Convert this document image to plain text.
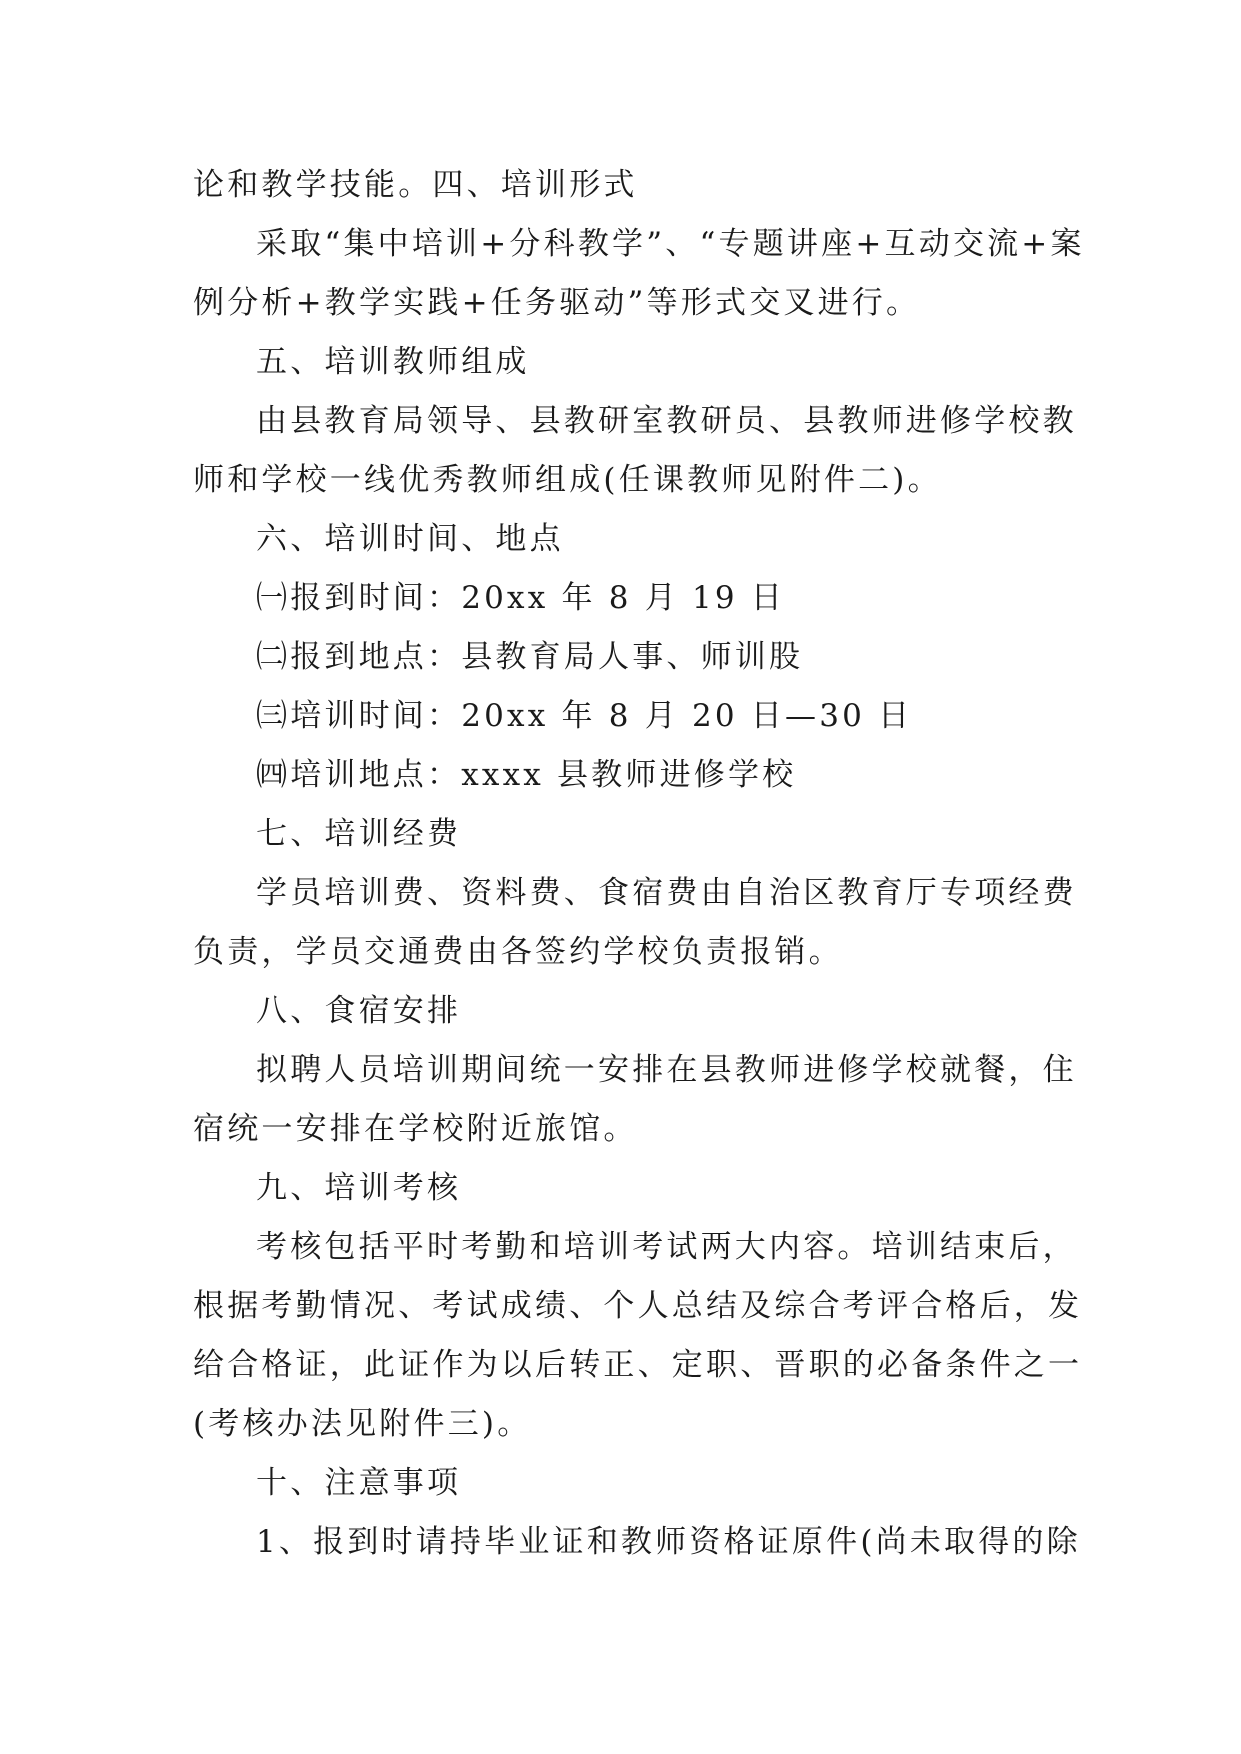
论和教学技能。四、培训形式
采取“集中培训+分科教学”、“专题讲座+互动交流+案
例分析+教学实践+任务驱动”等形式交叉进行。
五、培训教师组成
由县教育局领导、县教研室教研员、县教师进修学校教
师和学校一线优秀教师组成(任课教师见附件二)。
六、培训时间、地点
㈠报到时间：20xx 年 8 月 19 日
㈡报到地点：县教育局人事、师训股
㈢培训时间：20xx 年 8 月 20 日—30 日
㈣培训地点：xxxx 县教师进修学校
七、培训经费
学员培训费、资料费、食宿费由自治区教育厅专项经费
负责，学员交通费由各签约学校负责报销。
八、食宿安排
拟聘人员培训期间统一安排在县教师进修学校就餐，住
宿统一安排在学校附近旅馆。
九、培训考核
考核包括平时考勤和培训考试两大内容。培训结束后，
根据考勤情况、考试成绩、个人总结及综合考评合格后，发
给合格证，此证作为以后转正、定职、晋职的必备条件之一
(考核办法见附件三)。
十、注意事项
1、报到时请持毕业证和教师资格证原件(尚未取得的除
